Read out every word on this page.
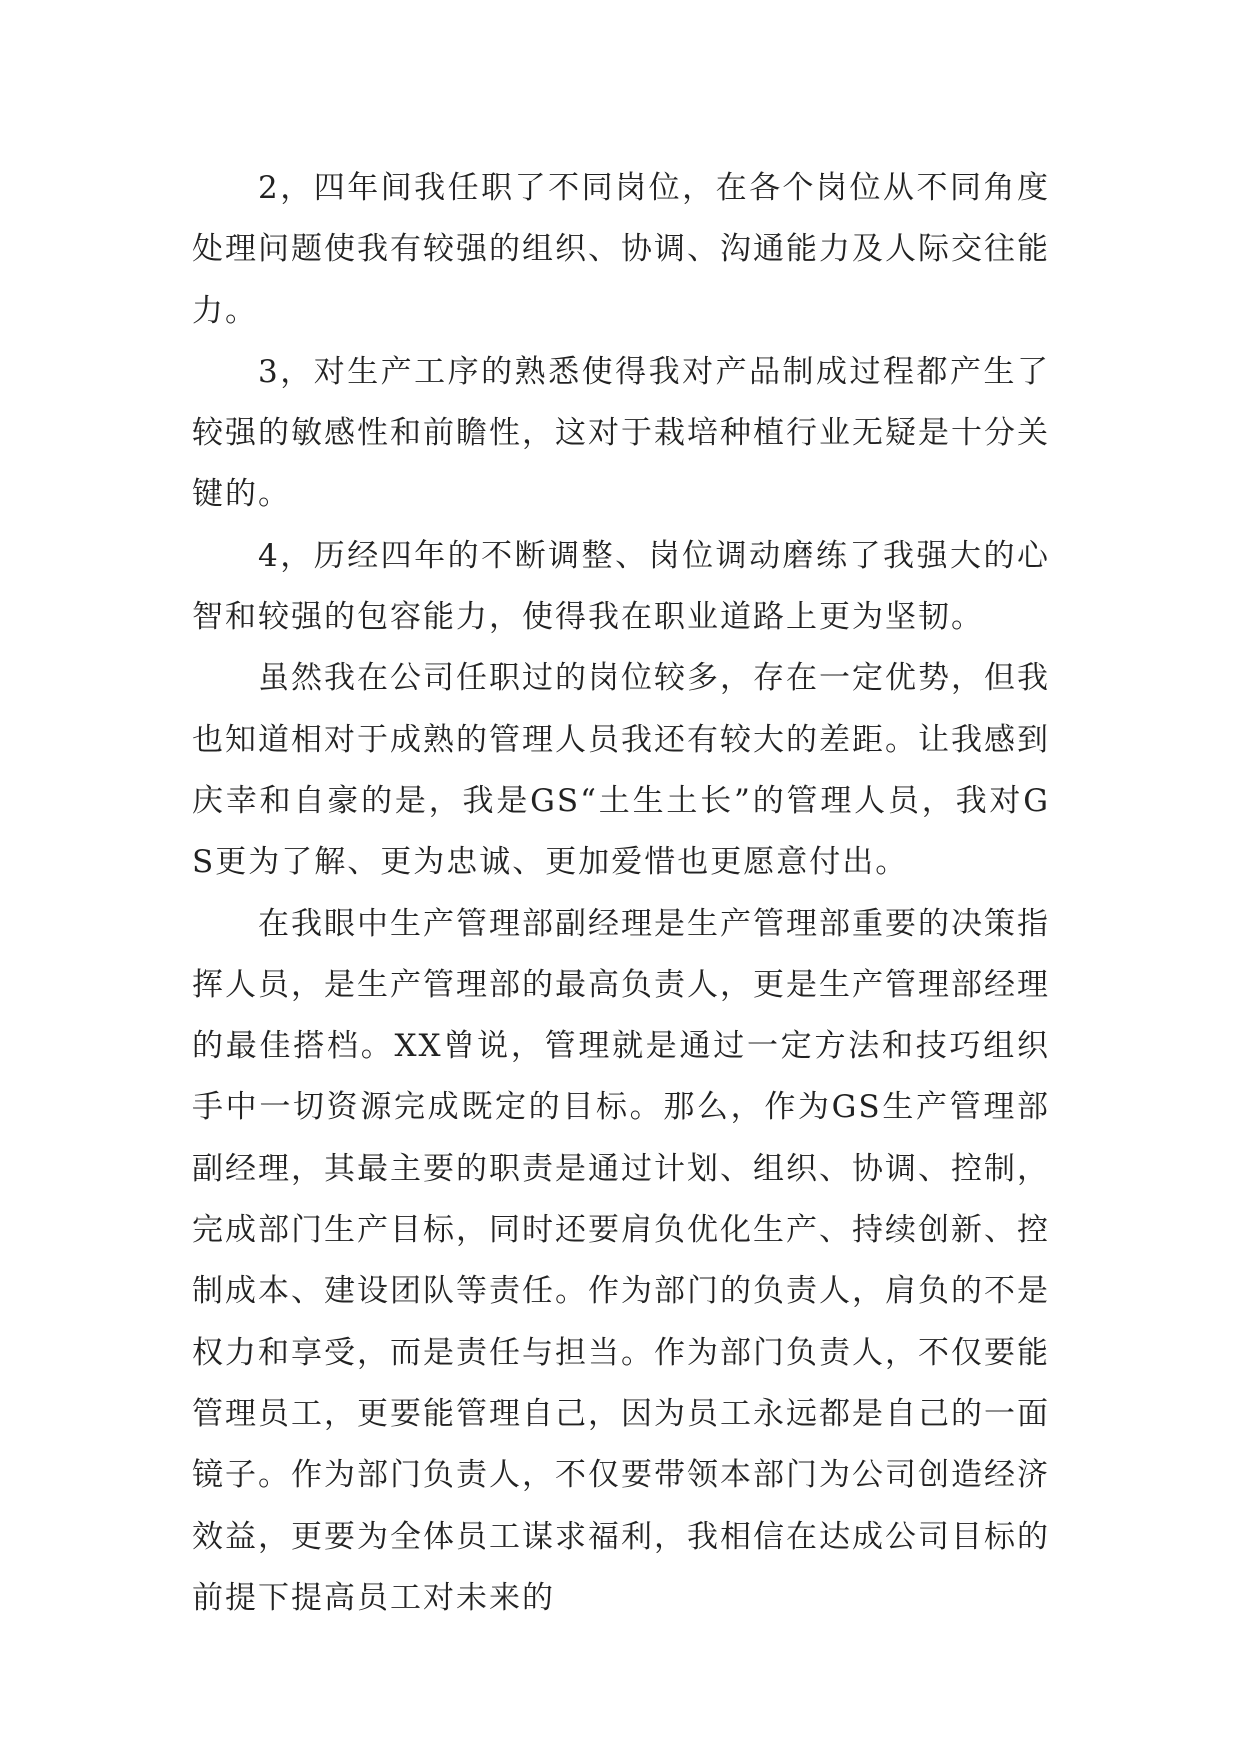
2，四年间我任职了不同岗位，在各个岗位从不同角度处理问题使我有较强的组织、协调、沟通能力及人际交往能力。

3，对生产工序的熟悉使得我对产品制成过程都产生了较强的敏感性和前瞻性，这对于栽培种植行业无疑是十分关键的。

4，历经四年的不断调整、岗位调动磨练了我强大的心智和较强的包容能力，使得我在职业道路上更为坚韧。

虽然我在公司任职过的岗位较多，存在一定优势，但我也知道相对于成熟的管理人员我还有较大的差距。让我感到庆幸和自豪的是，我是GS“土生土长”的管理人员，我对GS更为了解、更为忠诚、更加爱惜也更愿意付出。

在我眼中生产管理部副经理是生产管理部重要的决策指挥人员，是生产管理部的最高负责人，更是生产管理部经理的最佳搭档。XX曾说，管理就是通过一定方法和技巧组织手中一切资源完成既定的目标。那么，作为GS生产管理部副经理，其最主要的职责是通过计划、组织、协调、控制，完成部门生产目标，同时还要肩负优化生产、持续创新、控制成本、建设团队等责任。作为部门的负责人，肩负的不是权力和享受，而是责任与担当。作为部门负责人，不仅要能管理员工，更要能管理自己，因为员工永远都是自己的一面镜子。作为部门负责人，不仅要带领本部门为公司创造经济效益，更要为全体员工谋求福利，我相信在达成公司目标的前提下提高员工对未来的
